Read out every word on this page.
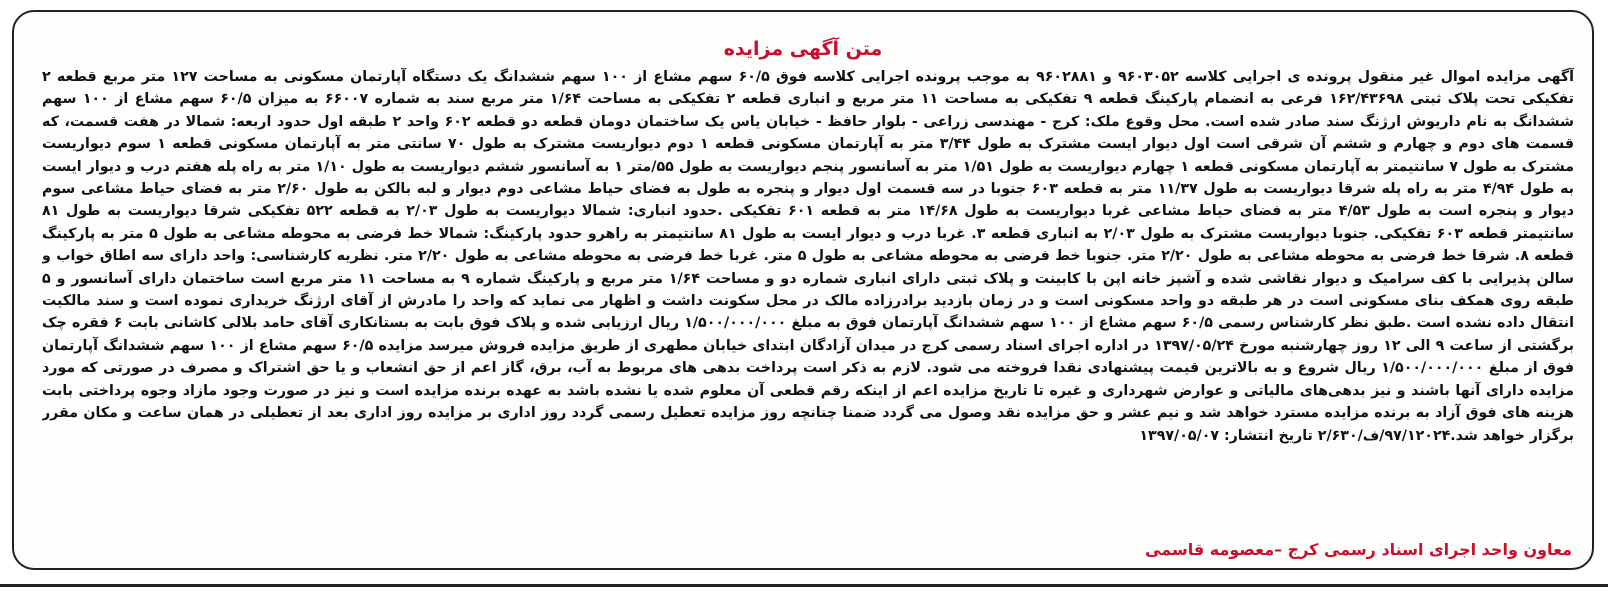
متن آگهی مزایده
آگهی مزایده اموال غیر منقول پرونده ی اجرایی کلاسه ۹۶۰۳۰۵۲ و ۹۶۰۲۸۸۱ به موجب پرونده اجرایی کلاسه فوق ۶۰/۵ سهم مشاع از ۱۰۰ سهم ششدانگ یک دستگاه آپارتمان مسکونی به مساحت ۱۲۷ متر مربع قطعه ۲ تفکیکی تحت پلاک ثبتی ۱۶۲/۴۳۶۹۸ فرعی به انضمام پارکینگ قطعه ۹ تفکیکی به مساحت ۱۱ متر مربع و انباری قطعه ۲ تفکیکی به مساحت ۱/۶۴ متر مربع سند به شماره ۶۶۰۰۷ به میزان ۶۰/۵ سهم مشاع از ۱۰۰ سهم ششدانگ به نام داریوش ارژنگ سند صادر شده است. محل وقوع ملک: کرج - مهندسی زراعی - بلوار حافظ - خیابان یاس یک ساختمان دومان قطعه دو قطعه ۶۰۲ واحد ۲ طبقه اول حدود اربعه: شمالا در هفت قسمت، که قسمت های دوم و چهارم و ششم آن شرقی است اول دیوار ایست مشترک به طول ۳/۴۴ متر به آپارتمان مسکونی قطعه ۱ دوم دیواریست مشترک به طول ۷۰ سانتی متر به آپارتمان مسکونی قطعه ۱ سوم دیواریست مشترک به طول ۷ سانتیمتر به آپارتمان مسکونی قطعه ۱ چهارم دیواریست به طول ۱/۵۱ متر به آسانسور پنجم دیواریست به طول ۵۵/متر ۱ به آسانسور ششم دیواریست به طول ۱/۱۰ متر به راه پله هفتم درب و دیوار ایست به طول ۴/۹۴ متر به راه پله شرقا دیواریست به طول ۱۱/۳۷ متر به قطعه ۶۰۳ جنوبا در سه قسمت اول دیوار و پنجره به طول به فضای حیاط مشاعی دوم دیوار و لبه بالکن به طول ۲/۶۰ متر به فضای حیاط مشاعی سوم دیوار و پنجره است به طول ۴/۵۳ متر به فضای حیاط مشاعی غربا دیواریست به طول ۱۴/۶۸ متر به قطعه ۶۰۱ تفکیکی .حدود انباری: شمالا دیواریست به طول ۲/۰۳ به قطعه ۵۲۲ تفکیکی شرقا دیواریست به طول ۸۱ سانتیمتر قطعه ۶۰۳ تفکیکی. جنوبا دیواریست مشترک به طول ۲/۰۳ به انباری قطعه ۳. غربا درب و دیوار ایست به طول ۸۱ سانتیمتر به راهرو حدود پارکینگ: شمالا خط فرضی به محوطه مشاعی به طول ۵ متر به پارکینگ قطعه ۸. شرقا خط فرضی به محوطه مشاعی به طول ۲/۲۰ متر. جنوبا خط فرضی به محوطه مشاعی به طول ۵ متر. غربا خط فرضی به محوطه مشاعی به طول ۲/۲۰ متر. نظریه کارشناسی: واحد دارای سه اطاق خواب و سالن پذیرایی با کف سرامیک و دیوار نقاشی شده و آشپز خانه اپن با کابینت و پلاک ثبتی دارای انباری شماره دو و مساحت ۱/۶۴ متر مربع و پارکینگ شماره ۹ به مساحت ۱۱ متر مربع است ساختمان دارای آسانسور و ۵ طبقه روی همکف بنای مسکونی است در هر طبقه دو واحد مسکونی است و در زمان بازدید برادرزاده مالک در محل سکونت داشت و اظهار می نماید که واحد را مادرش از آقای ارژنگ خریداری نموده است و سند مالکیت انتقال داده نشده است .طبق نظر کارشناس رسمی ۶۰/۵ سهم مشاع از ۱۰۰ سهم ششدانگ آپارتمان فوق به مبلغ ۱/۵۰۰/۰۰۰/۰۰۰ ریال ارزیابی شده و پلاک فوق بابت به بستانکاری آقای حامد بلالی کاشانی بابت ۶ فقره چک برگشتی از ساعت ۹ الی ۱۲ روز چهارشنبه مورخ ۱۳۹۷/۰۵/۲۴ در اداره اجرای اسناد رسمی کرج در میدان آزادگان ابتدای خیابان مطهری از طریق مزایده فروش میرسد مزایده ۶۰/۵ سهم مشاع از ۱۰۰ سهم ششدانگ آپارتمان فوق از مبلغ ۱/۵۰۰/۰۰۰/۰۰۰ ریال شروع و به بالاترین قیمت پیشنهادی نقدا فروخته می شود. لازم به ذکر است پرداخت بدهی های مربوط به آب، برق، گاز اعم از حق انشعاب و یا حق اشتراک و مصرف در صورتی که مورد مزایده دارای آنها باشند و نیز بدهی‌های مالیاتی و عوارض شهرداری و غیره تا تاریخ مزایده اعم از اینکه رقم قطعی آن معلوم شده یا نشده باشد به عهده برنده مزایده است و نیز در صورت وجود مازاد وجوه پرداختی بابت هزینه های فوق آزاد به برنده مزایده مسترد خواهد شد و نیم عشر و حق مزایده نقد وصول می گردد ضمنا چنانچه روز مزایده تعطیل رسمی گردد روز اداری بر مزایده روز اداری بعد از تعطیلی در همان ساعت و مکان مقرر برگزار خواهد شد.۹۷/۱۲۰۲۴/ف/۲/۶۳۰ تاریخ انتشار: ۱۳۹۷/۰۵/۰۷
معاون واحد اجرای اسناد رسمی کرج –معصومه قاسمی
